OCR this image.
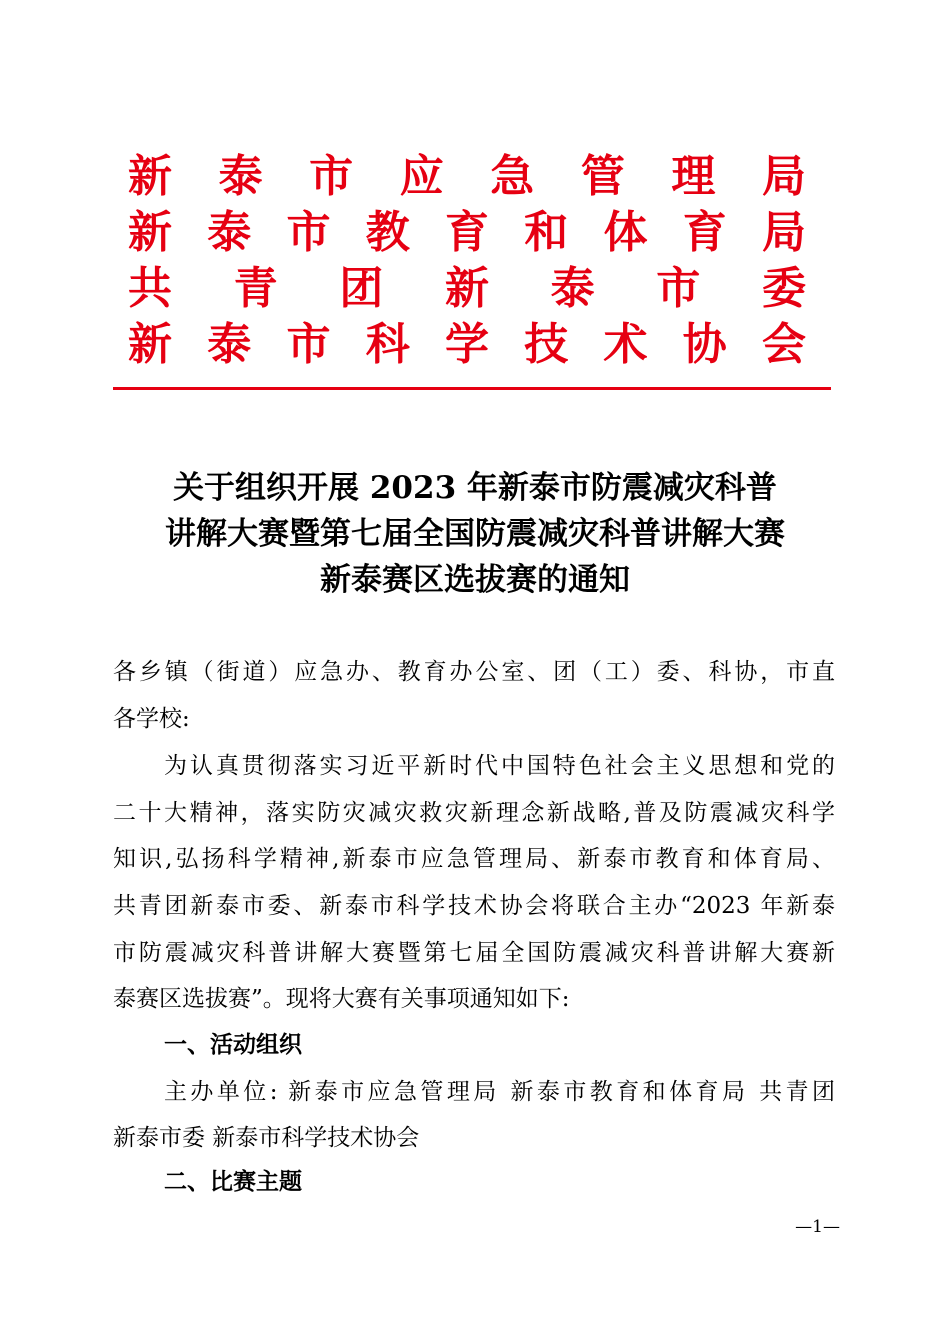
新 泰 市 应 急 管 理 局
新 泰 市 教 育 和 体 育 局
共 青 团 新 泰 市 委
新 泰 市 科 学 技 术 协 会
关于组织开展 2023 年新泰市防震减灾科普
讲解大赛暨第七届全国防震减灾科普讲解大赛
新泰赛区选拔赛的通知
各乡镇（街道）应急办、教育办公室、团（工）委、科协，市直
各学校:
为认真贯彻落实习近平新时代中国特色社会主义思想和党的
二十大精神，落实防灾减灾救灾新理念新战略,普及防震减灾科学
知识,弘扬科学精神,新泰市应急管理局、新泰市教育和体育局、
共青团新泰市委、新泰市科学技术协会将联合主办“2023 年新泰
市防震减灾科普讲解大赛暨第七届全国防震减灾科普讲解大赛新
泰赛区选拔赛”。现将大赛有关事项通知如下:
一、活动组织
主办单位: 新泰市应急管理局 新泰市教育和体育局 共青团
新泰市委 新泰市科学技术协会
二、比赛主题
—1—
